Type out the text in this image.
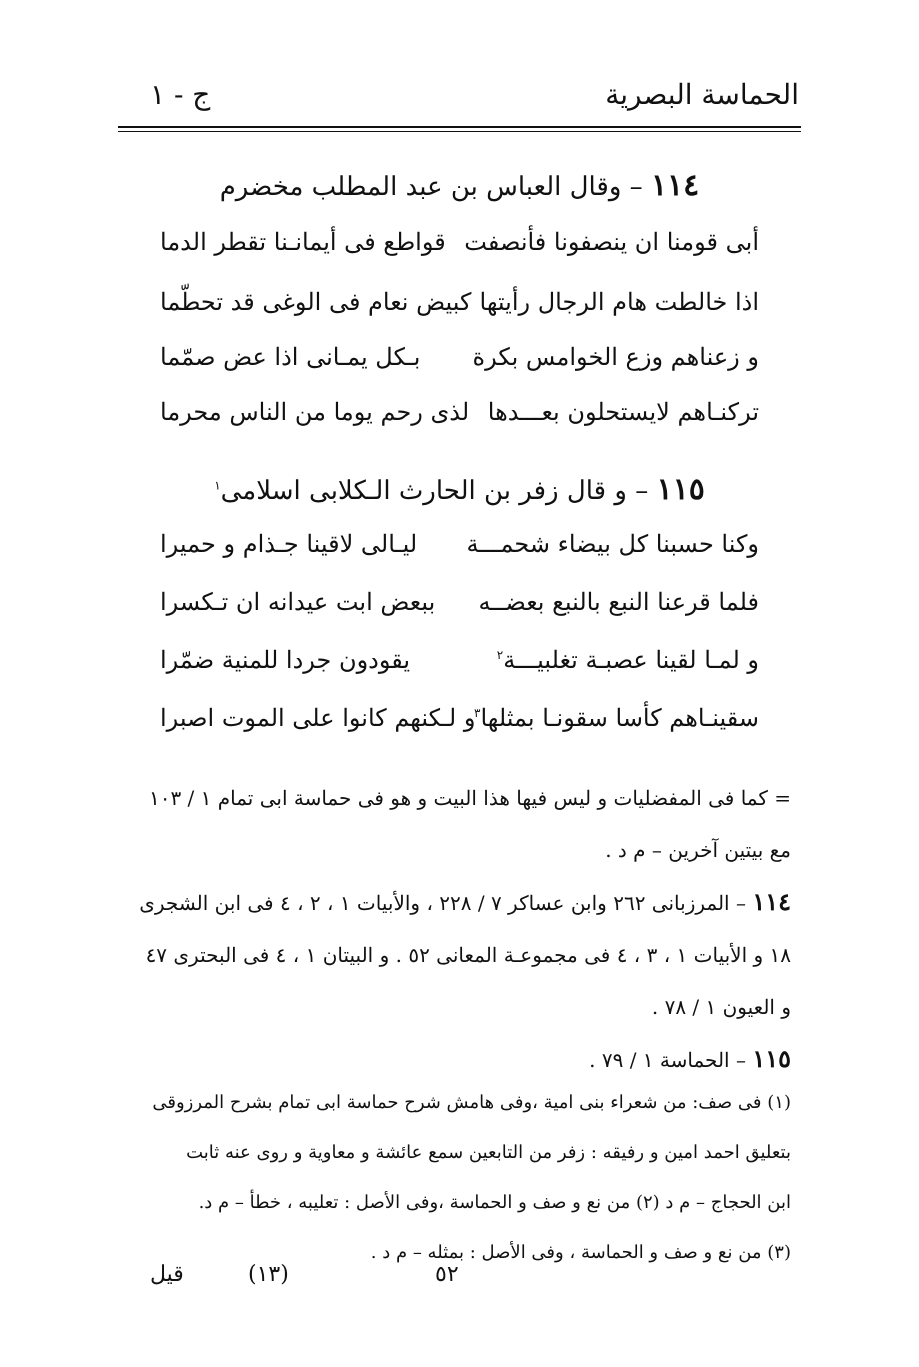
الحماسة البصرية
ج - ١
١١٤ – وقال العباس بن عبد المطلب مخضرم
أبى قومنا ان ينصفونا فأنصفت
قواطع فى أيمانـنا تقطر الدما
اذا خالطت هام الرجال رأيتها
كبيض نعام فى الوغى قد تحطّما
و زعناهم وزع الخوامس بكرة
بـكل يمـانى اذا عض صمّما
تركنـاهم لايستحلون بعـــدها
لذى رحم يوما من الناس محرما
١١٥ – و قال زفر بن الحارث الـكلابى اسلامى$^١$
وكنا حسبنا كل بيضاء شحمـــة
ليـالى لاقينا جـذام و حميرا
فلما قرعنا النبع بالنبع بعضــه
ببعض ابت عيدانه ان تـكسرا
و لمـا لقينا عصبـة تغلبيـــة$^٢$
يقودون جردا للمنية ضمّرا
سقينـاهم كأسا سقونـا بمثلها$^٣$
و لـكنهم كانوا على الموت اصبرا

= كما فى المفضليات و ليس فيها هذا البيت و هو فى حماسة ابى تمام ١ / ١٠٣

مع بيتين آخرين – م د .

١١٤ – المرزبانى ٢٦٢ وابن عساكر ٧ / ٢٢٨ ، والأبيات ١ ، ٢ ، ٤ فى ابن الشجرى

١٨ و الأبيات ١ ، ٣ ، ٤ فى مجموعـة المعانى ٥٢ . و البيتان ١ ، ٤ فى البحترى ٤٧

و العيون ١ / ٧٨ .

١١٥ – الحماسة ١ / ٧٩ .

(١) فى صف: من شعراء بنى امية ،وفى هامش شرح حماسة ابى تمام بشرح المرزوقى

بتعليق احمد امين و رفيقه : زفر من التابعين سمع عائشة و معاوية و روى عنه ثابت

ابن الحجاج – م د (٢) من نع و صف و الحماسة ،وفى الأصل : تعليبه ، خطأ – م د.

(٣) من نع و صف و الحماسة ، وفى الأصل : بمثله – م د .

٥٢
(١٣)
قيل
